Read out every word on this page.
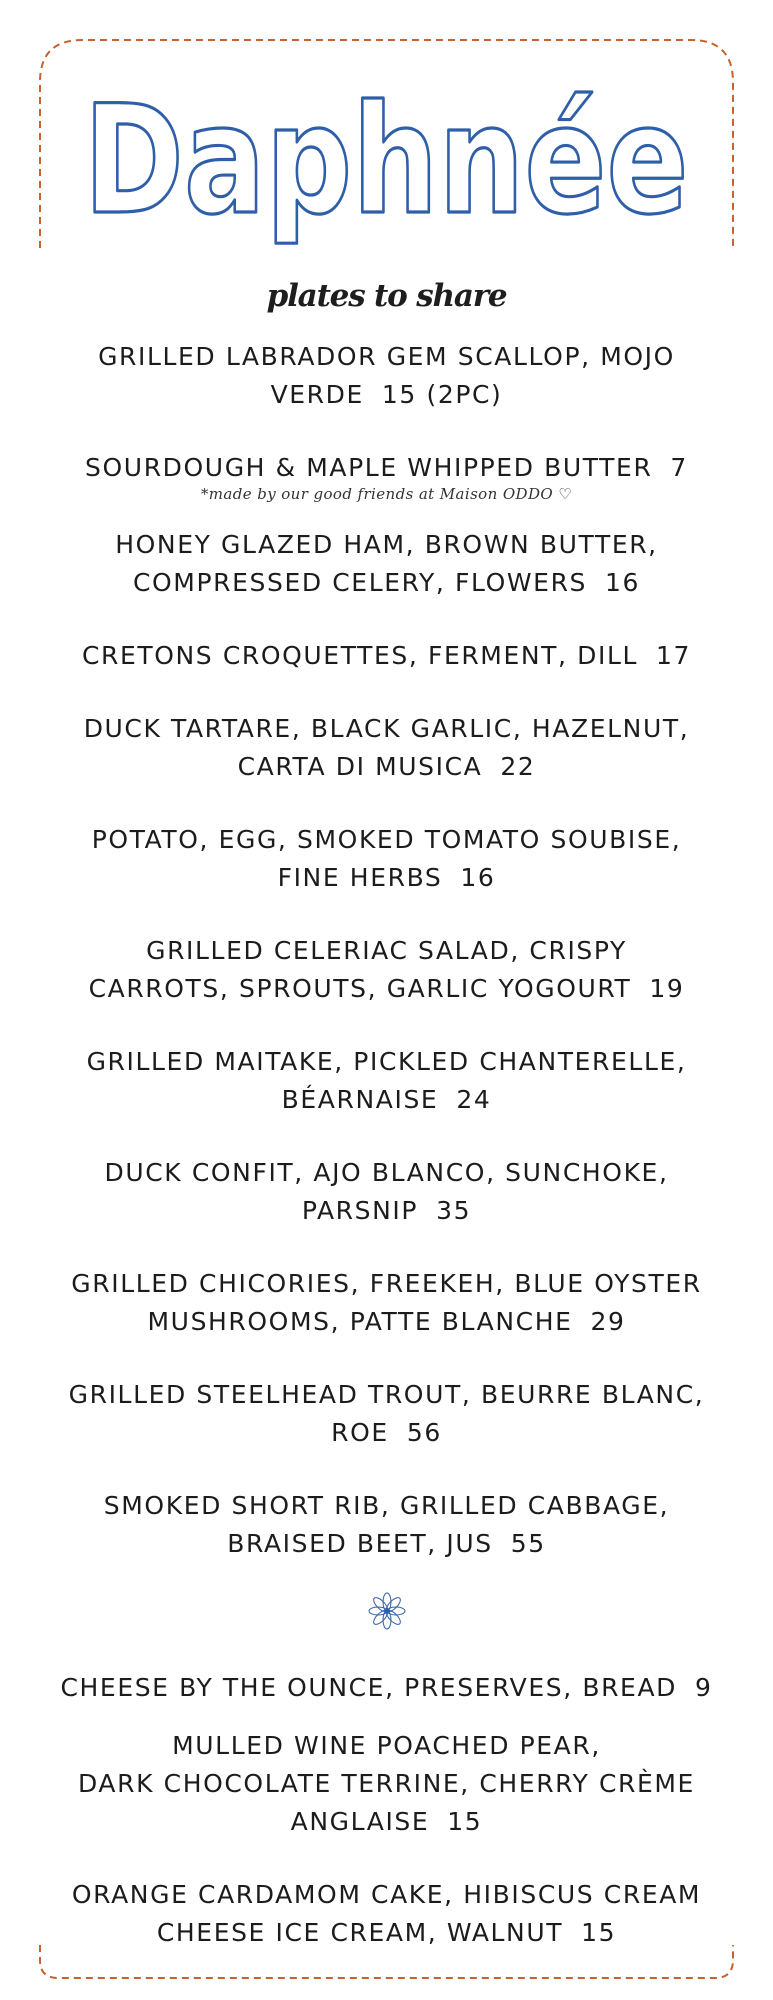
Daphnée
plates to share
GRILLED LABRADOR GEM SCALLOP, MOJO
VERDE 15 (2PC)
SOURDOUGH & MAPLE WHIPPED BUTTER 7
*made by our good friends at Maison ODDO ♡
HONEY GLAZED HAM, BROWN BUTTER,
COMPRESSED CELERY, FLOWERS 16
CRETONS CROQUETTES, FERMENT, DILL 17
DUCK TARTARE, BLACK GARLIC, HAZELNUT,
CARTA DI MUSICA 22
POTATO, EGG, SMOKED TOMATO SOUBISE,
FINE HERBS 16
GRILLED CELERIAC SALAD, CRISPY
CARROTS, SPROUTS, GARLIC YOGOURT 19
GRILLED MAITAKE, PICKLED CHANTERELLE,
BÉARNAISE 24
DUCK CONFIT, AJO BLANCO, SUNCHOKE,
PARSNIP 35
GRILLED CHICORIES, FREEKEH, BLUE OYSTER
MUSHROOMS, PATTE BLANCHE 29
GRILLED STEELHEAD TROUT, BEURRE BLANC,
ROE 56
SMOKED SHORT RIB, GRILLED CABBAGE,
BRAISED BEET, JUS 55
CHEESE BY THE OUNCE, PRESERVES, BREAD 9
MULLED WINE POACHED PEAR,
DARK CHOCOLATE TERRINE, CHERRY CRÈME
ANGLAISE 15
ORANGE CARDAMOM CAKE, HIBISCUS CREAM
CHEESE ICE CREAM, WALNUT 15
